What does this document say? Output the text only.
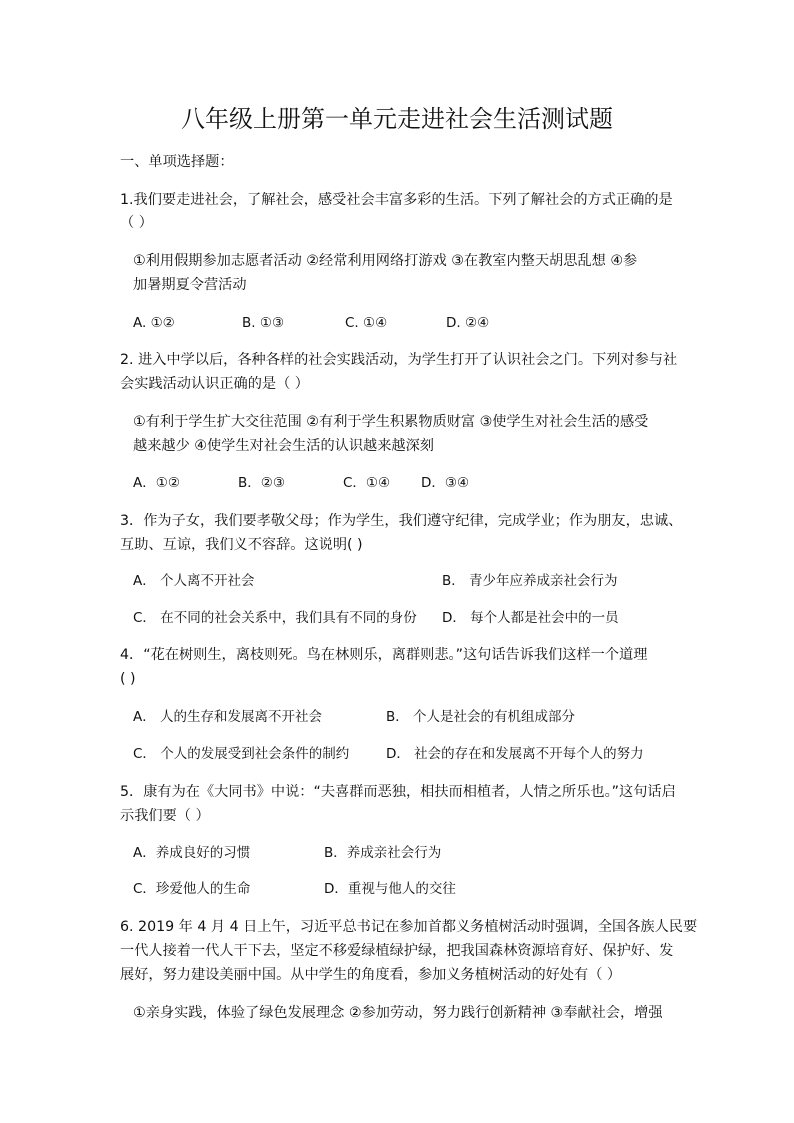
八年级上册第一单元走进社会生活测试题
一、单项选择题：
1.我们要走进社会，了解社会，感受社会丰富多彩的生活。下列了解社会的方式正确的是
（ ）
①利用假期参加志愿者活动 ②经常利用网络打游戏 ③在教室内整天胡思乱想 ④参
加暑期夏令营活动
A. ①②	B. ①③	C. ①④	D. ②④
2. 进入中学以后，各种各样的社会实践活动，为学生打开了认识社会之门。下列对参与社
会实践活动认识正确的是（ ）
①有利于学生扩大交往范围 ②有利于学生积累物质财富 ③使学生对社会生活的感受
越来越少 ④使学生对社会生活的认识越来越深刻
A．①②	B．②③	C．①④ D．③④
3．作为子女，我们要孝敬父母；作为学生，我们遵守纪律，完成学业；作为朋友，忠诚、
互助、互谅，我们义不容辞。这说明( )
A． 个人离不开社会	B． 青少年应养成亲社会行为
C． 在不同的社会关系中，我们具有不同的身份 D． 每个人都是社会中的一员
4．“花在树则生，离枝则死。鸟在林则乐，离群则悲。”这句话告诉我们这样一个道理
( )
A． 人的生存和发展离不开社会	B． 个人是社会的有机组成部分
C． 个人的发展受到社会条件的制约	D． 社会的存在和发展离不开每个人的努力
5．康有为在《大同书》中说：“夫喜群而恶独，相扶而相植者，人情之所乐也。”这句话启
示我们要（ ）
A．养成良好的习惯	B．养成亲社会行为
C．珍爱他人的生命	D．重视与他人的交往
6. 2019 年 4 月 4 日上午，习近平总书记在参加首都义务植树活动时强调，全国各族人民要
一代人接着一代人干下去，坚定不移爱绿植绿护绿，把我国森林资源培育好、保护好、发
展好，努力建设美丽中国。从中学生的角度看，参加义务植树活动的好处有（ ）
①亲身实践，体验了绿色发展理念 ②参加劳动，努力践行创新精神 ③奉献社会，增强
